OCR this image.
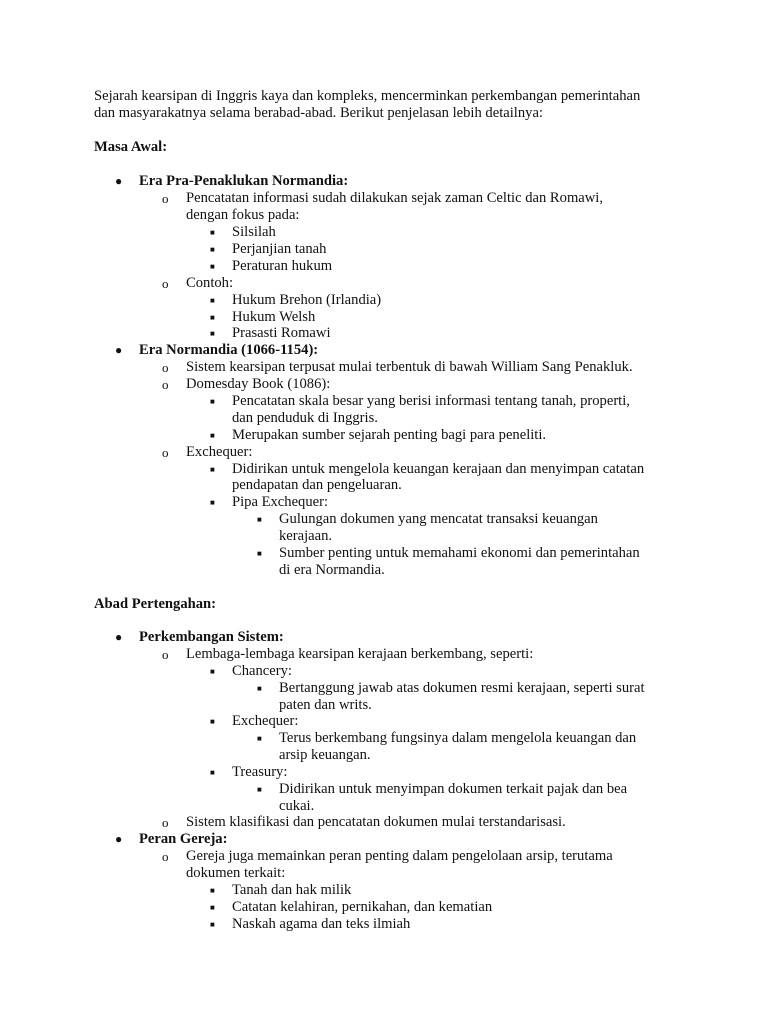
Sejarah kearsipan di Inggris kaya dan kompleks, mencerminkan perkembangan pemerintahan
dan masyarakatnya selama berabad-abad. Berikut penjelasan lebih detailnya:
Masa Awal:
● Era Pra-Penaklukan Normandia:
o Pencatatan informasi sudah dilakukan sejak zaman Celtic dan Romawi,
dengan fokus pada:
■ Silsilah
■ Perjanjian tanah
■ Peraturan hukum
o Contoh:
■ Hukum Brehon (Irlandia)
■ Hukum Welsh
■ Prasasti Romawi
● Era Normandia (1066-1154):
o Sistem kearsipan terpusat mulai terbentuk di bawah William Sang Penakluk.
o Domesday Book (1086):
■ Pencatatan skala besar yang berisi informasi tentang tanah, properti,
dan penduduk di Inggris.
■ Merupakan sumber sejarah penting bagi para peneliti.
o Exchequer:
■ Didirikan untuk mengelola keuangan kerajaan dan menyimpan catatan
pendapatan dan pengeluaran.
■ Pipa Exchequer:
■ Gulungan dokumen yang mencatat transaksi keuangan
kerajaan.
■ Sumber penting untuk memahami ekonomi dan pemerintahan
di era Normandia.
Abad Pertengahan:
● Perkembangan Sistem:
o Lembaga-lembaga kearsipan kerajaan berkembang, seperti:
■ Chancery:
■ Bertanggung jawab atas dokumen resmi kerajaan, seperti surat
paten dan writs.
■ Exchequer:
■ Terus berkembang fungsinya dalam mengelola keuangan dan
arsip keuangan.
■ Treasury:
■ Didirikan untuk menyimpan dokumen terkait pajak dan bea
cukai.
o Sistem klasifikasi dan pencatatan dokumen mulai terstandarisasi.
● Peran Gereja:
o Gereja juga memainkan peran penting dalam pengelolaan arsip, terutama
dokumen terkait:
■ Tanah dan hak milik
■ Catatan kelahiran, pernikahan, dan kematian
■ Naskah agama dan teks ilmiah
